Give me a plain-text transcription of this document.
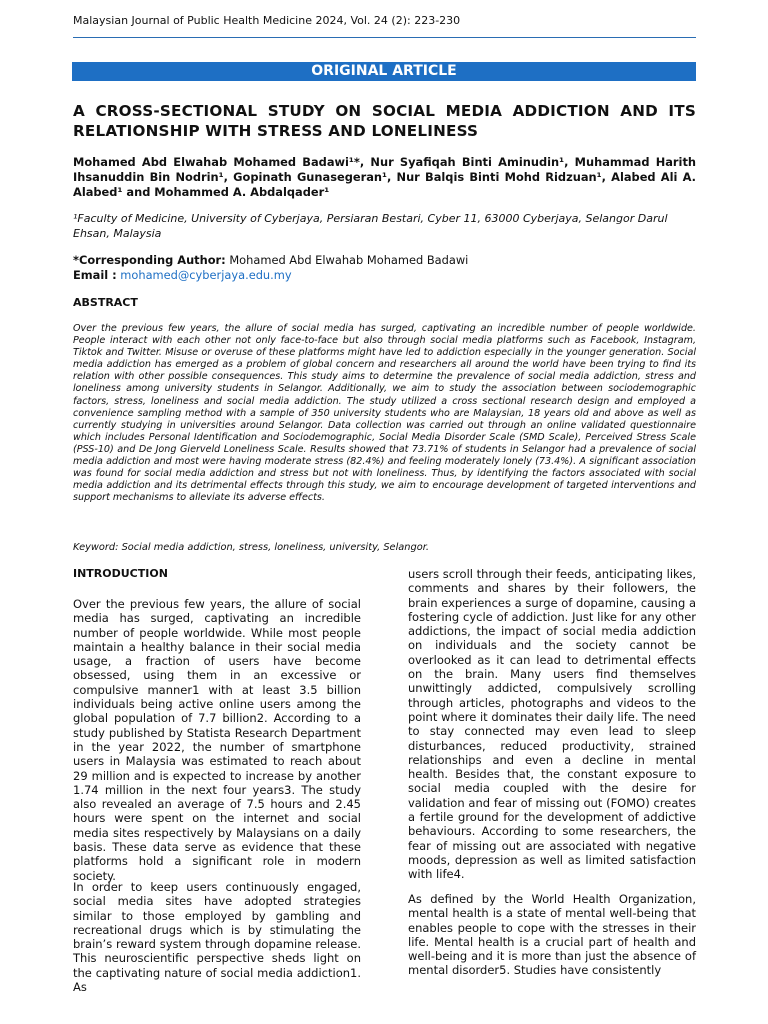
Malaysian Journal of Public Health Medicine 2024, Vol. 24 (2): 223-230
ORIGINAL ARTICLE
A CROSS-SECTIONAL STUDY ON SOCIAL MEDIA ADDICTION AND ITS RELATIONSHIP WITH STRESS AND LONELINESS
Mohamed Abd Elwahab Mohamed Badawi¹*, Nur Syafiqah Binti Aminudin¹, Muhammad Harith Ihsanuddin Bin Nodrin¹, Gopinath Gunasegeran¹, Nur Balqis Binti Mohd Ridzuan¹, Alabed Ali A. Alabed¹ and Mohammed A. Abdalqader¹
¹Faculty of Medicine, University of Cyberjaya, Persiaran Bestari, Cyber 11, 63000 Cyberjaya, Selangor Darul Ehsan, Malaysia
*Corresponding Author: Mohamed Abd Elwahab Mohamed Badawi
Email : mohamed@cyberjaya.edu.my
ABSTRACT
Over the previous few years, the allure of social media has surged, captivating an incredible number of people worldwide. People interact with each other not only face-to-face but also through social media platforms such as Facebook, Instagram, Tiktok and Twitter. Misuse or overuse of these platforms might have led to addiction especially in the younger generation. Social media addiction has emerged as a problem of global concern and researchers all around the world have been trying to find its relation with other possible consequences. This study aims to determine the prevalence of social media addiction, stress and loneliness among university students in Selangor. Additionally, we aim to study the association between sociodemographic factors, stress, loneliness and social media addiction. The study utilized a cross sectional research design and employed a convenience sampling method with a sample of 350 university students who are Malaysian, 18 years old and above as well as currently studying in universities around Selangor. Data collection was carried out through an online validated questionnaire which includes Personal Identification and Sociodemographic, Social Media Disorder Scale (SMD Scale), Perceived Stress Scale (PSS-10) and De Jong Gierveld Loneliness Scale. Results showed that 73.71% of students in Selangor had a prevalence of social media addiction and most were having moderate stress (82.4%) and feeling moderately lonely (73.4%). A significant association was found for social media addiction and stress but not with loneliness. Thus, by identifying the factors associated with social media addiction and its detrimental effects through this study, we aim to encourage development of targeted interventions and support mechanisms to alleviate its adverse effects.
Keyword: Social media addiction, stress, loneliness, university, Selangor.
INTRODUCTION

Over the previous few years, the allure of social media has surged, captivating an incredible number of people worldwide. While most people maintain a healthy balance in their social media usage, a fraction of users have become obsessed, using them in an excessive or compulsive manner1 with at least 3.5 billion individuals being active online users among the global population of 7.7 billion2. According to a study published by Statista Research Department in the year 2022, the number of smartphone users in Malaysia was estimated to reach about 29 million and is expected to increase by another 1.74 million in the next four years3. The study also revealed an average of 7.5 hours and 2.45 hours were spent on the internet and social media sites respectively by Malaysians on a daily basis. These data serve as evidence that these platforms hold a significant role in modern society.

In order to keep users continuously engaged, social media sites have adopted strategies similar to those employed by gambling and recreational drugs which is by stimulating the brain’s reward system through dopamine release. This neuroscientific perspective sheds light on the captivating nature of social media addiction1. As

users scroll through their feeds, anticipating likes, comments and shares by their followers, the brain experiences a surge of dopamine, causing a fostering cycle of addiction. Just like for any other addictions, the impact of social media addiction on individuals and the society cannot be overlooked as it can lead to detrimental effects on the brain. Many users find themselves unwittingly addicted, compulsively scrolling through articles, photographs and videos to the point where it dominates their daily life. The need to stay connected may even lead to sleep disturbances, reduced productivity, strained relationships and even a decline in mental health. Besides that, the constant exposure to social media coupled with the desire for validation and fear of missing out (FOMO) creates a fertile ground for the development of addictive behaviours. According to some researchers, the fear of missing out are associated with negative moods, depression as well as limited satisfaction with life4.

As defined by the World Health Organization, mental health is a state of mental well-being that enables people to cope with the stresses in their life. Mental health is a crucial part of health and well-being and it is more than just the absence of mental disorder5. Studies have consistently
